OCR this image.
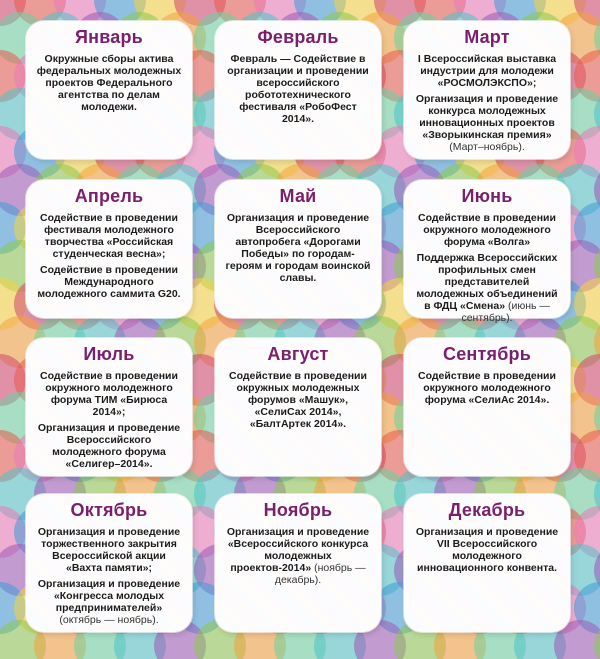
Январь
Окружные сборы актива федеральных молодежных проектов Федерального агентства по делам молодежи.
Февраль
Февраль — Содействие в организации и проведении всероссийского робототехнического фестиваля «РобоФест 2014».
Март
I Всероссийская выставка индустрии для молодежи «РОСМОЛЭКСПО»;
Организация и проведение конкурса молодежных инновационных проектов «Зворыкинская премия» (Март–ноябрь).
Апрель
Содействие в проведении фестиваля молодежного творчества «Российская студенческая весна»;
Содействие в проведении Международного молодежного саммита G20.
Май
Организация и проведение Всероссийского автопробега «Дорогами Победы» по городам-героям и городам воинской славы.
Июнь
Содействие в проведении окружного молодежного форума «Волга»
Поддержка Всероссийских профильных смен представителей молодежных объединений в ФДЦ «Смена» (июнь — сентябрь).
Июль
Содействие в проведении окружного молодежного форума ТИМ «Бирюса 2014»;
Организация и проведение Всероссийского молодежного форума «Селигер–2014».
Август
Содействие в проведении окружных молодежных форумов «Машук», «СелиСах 2014», «БалтАртек 2014».
Сентябрь
Содействие в проведении окружного молодежного форума «СелиАс 2014».
Октябрь
Организация и проведение торжественного закрытия Всероссийской акции «Вахта памяти»;
Организация и проведение «Конгресса молодых предпринимателей» (октябрь — ноябрь).
Ноябрь
Организация и проведение «Всероссийского конкурса молодежных проектов-2014» (ноябрь — декабрь).
Декабрь
Организация и проведение VII Всероссийского молодежного инновационного конвента.
